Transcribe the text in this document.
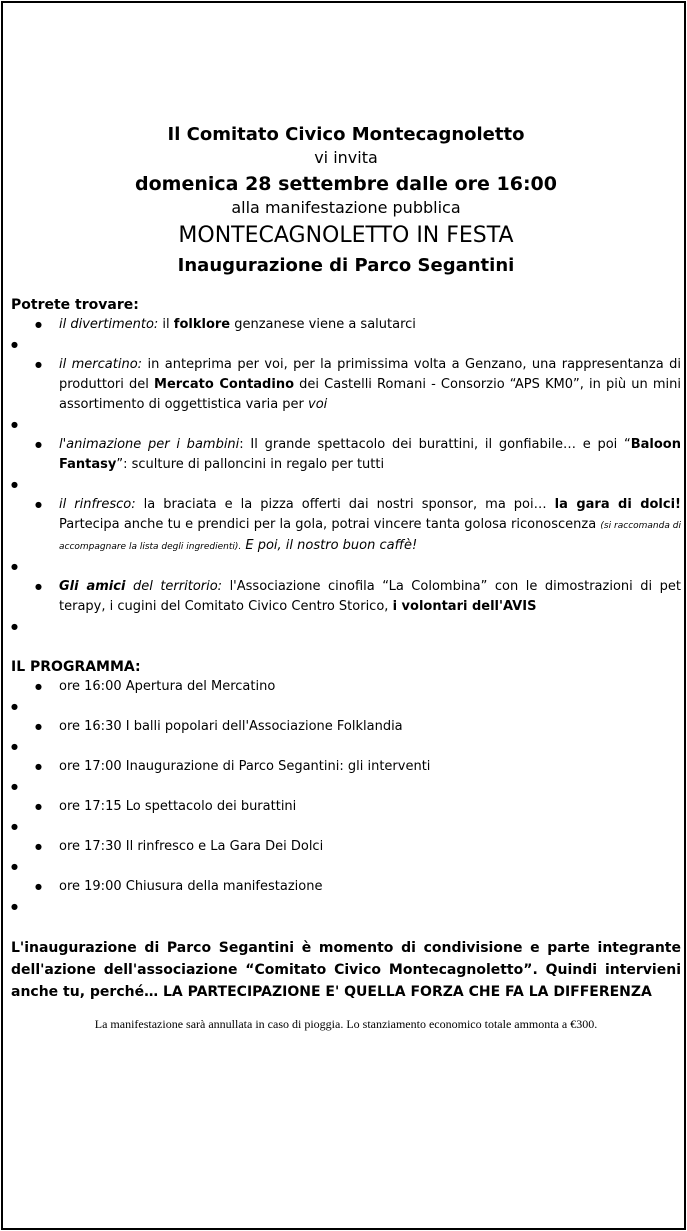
Il Comitato Civico Montecagnoletto

vi invita

domenica 28 settembre dalle ore 16:00

alla manifestazione pubblica

MONTECAGNOLETTO IN FESTA

Inaugurazione di Parco Segantini

Potrete trovare:

● il divertimento: il folklore genzanese viene a salutarci
●
● il mercatino: in anteprima per voi, per la primissima volta a Genzano, una rappresentanza di produttori del Mercato Contadino dei Castelli Romani - Consorzio “APS KM0”, in più un mini assortimento di oggettistica varia per voi
●
● l'animazione per i bambini: Il grande spettacolo dei burattini, il gonfiabile… e poi “Baloon Fantasy”: sculture di palloncini in regalo per tutti
●
● il rinfresco: la braciata e la pizza offerti dai nostri sponsor, ma poi… la gara di dolci! Partecipa anche tu e prendici per la gola, potrai vincere tanta golosa riconoscenza (si raccomanda di accompagnare la lista degli ingredienti). E poi, il nostro buon caffè!
●
● Gli amici del territorio: l'Associazione cinofila “La Colombina” con le dimostrazioni di pet terapy, i cugini del Comitato Civico Centro Storico, i volontari dell'AVIS
●

IL PROGRAMMA:

● ore 16:00 Apertura del Mercatino
●
● ore 16:30 I balli popolari dell'Associazione Folklandia
●
● ore 17:00 Inaugurazione di Parco Segantini: gli interventi
●
● ore 17:15 Lo spettacolo dei burattini
●
● ore 17:30 Il rinfresco e La Gara Dei Dolci
●
● ore 19:00 Chiusura della manifestazione
●

L'inaugurazione di Parco Segantini è momento di condivisione e parte integrante dell'azione dell'associazione “Comitato Civico Montecagnoletto”. Quindi intervieni anche tu, perché… LA PARTECIPAZIONE E' QUELLA FORZA CHE FA LA DIFFERENZA

La manifestazione sarà annullata in caso di pioggia. Lo stanziamento economico totale ammonta a €300.
